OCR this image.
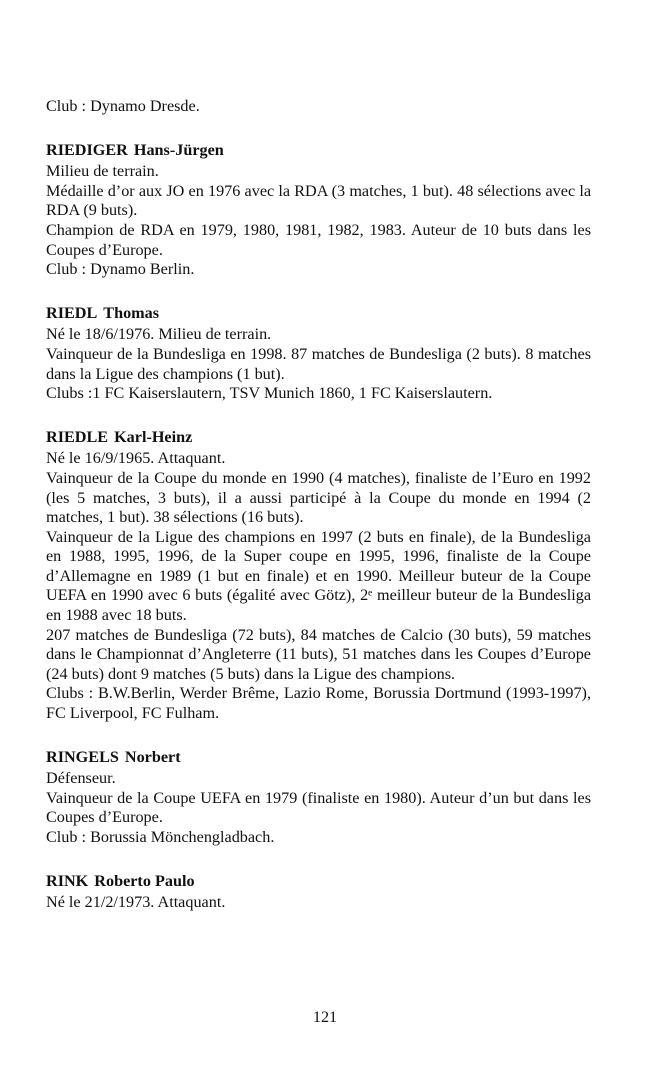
Club : Dynamo Dresde.

RIEDIGER Hans-Jürgen

Milieu de terrain.

Médaille d’or aux JO en 1976 avec la RDA (3 matches, 1 but). 48 sélections avec la RDA (9 buts).

Champion de RDA en 1979, 1980, 1981, 1982, 1983. Auteur de 10 buts dans les Coupes d’Europe.

Club : Dynamo Berlin.

RIEDL Thomas

Né le 18/6/1976. Milieu de terrain.

Vainqueur de la Bundesliga en 1998. 87 matches de Bundesliga (2 buts). 8 matches dans la Ligue des champions (1 but).

Clubs :1 FC Kaiserslautern, TSV Munich 1860, 1 FC Kaiserslautern.

RIEDLE Karl-Heinz

Né le 16/9/1965. Attaquant.

Vainqueur de la Coupe du monde en 1990 (4 matches), finaliste de l’Euro en 1992 (les 5 matches, 3 buts), il a aussi participé à la Coupe du monde en 1994 (2 matches, 1 but). 38 sélections (16 buts).

Vainqueur de la Ligue des champions en 1997 (2 buts en finale), de la Bundesliga en 1988, 1995, 1996, de la Super coupe en 1995, 1996, finaliste de la Coupe d’Allemagne en 1989 (1 but en finale) et en 1990. Meilleur buteur de la Coupe UEFA en 1990 avec 6 buts (égalité avec Götz), 2ᵉ meilleur buteur de la Bundesliga en 1988 avec 18 buts.

207 matches de Bundesliga (72 buts), 84 matches de Calcio (30 buts), 59 matches dans le Championnat d’Angleterre (11 buts), 51 matches dans les Coupes d’Europe (24 buts) dont 9 matches (5 buts) dans la Ligue des champions.

Clubs : B.W.Berlin, Werder Brême, Lazio Rome, Borussia Dortmund (1993-1997), FC Liverpool, FC Fulham.

RINGELS Norbert

Défenseur.

Vainqueur de la Coupe UEFA en 1979 (finaliste en 1980). Auteur d’un but dans les Coupes d’Europe.

Club : Borussia Mönchengladbach.

RINK Roberto Paulo

Né le 21/2/1973. Attaquant.

121
